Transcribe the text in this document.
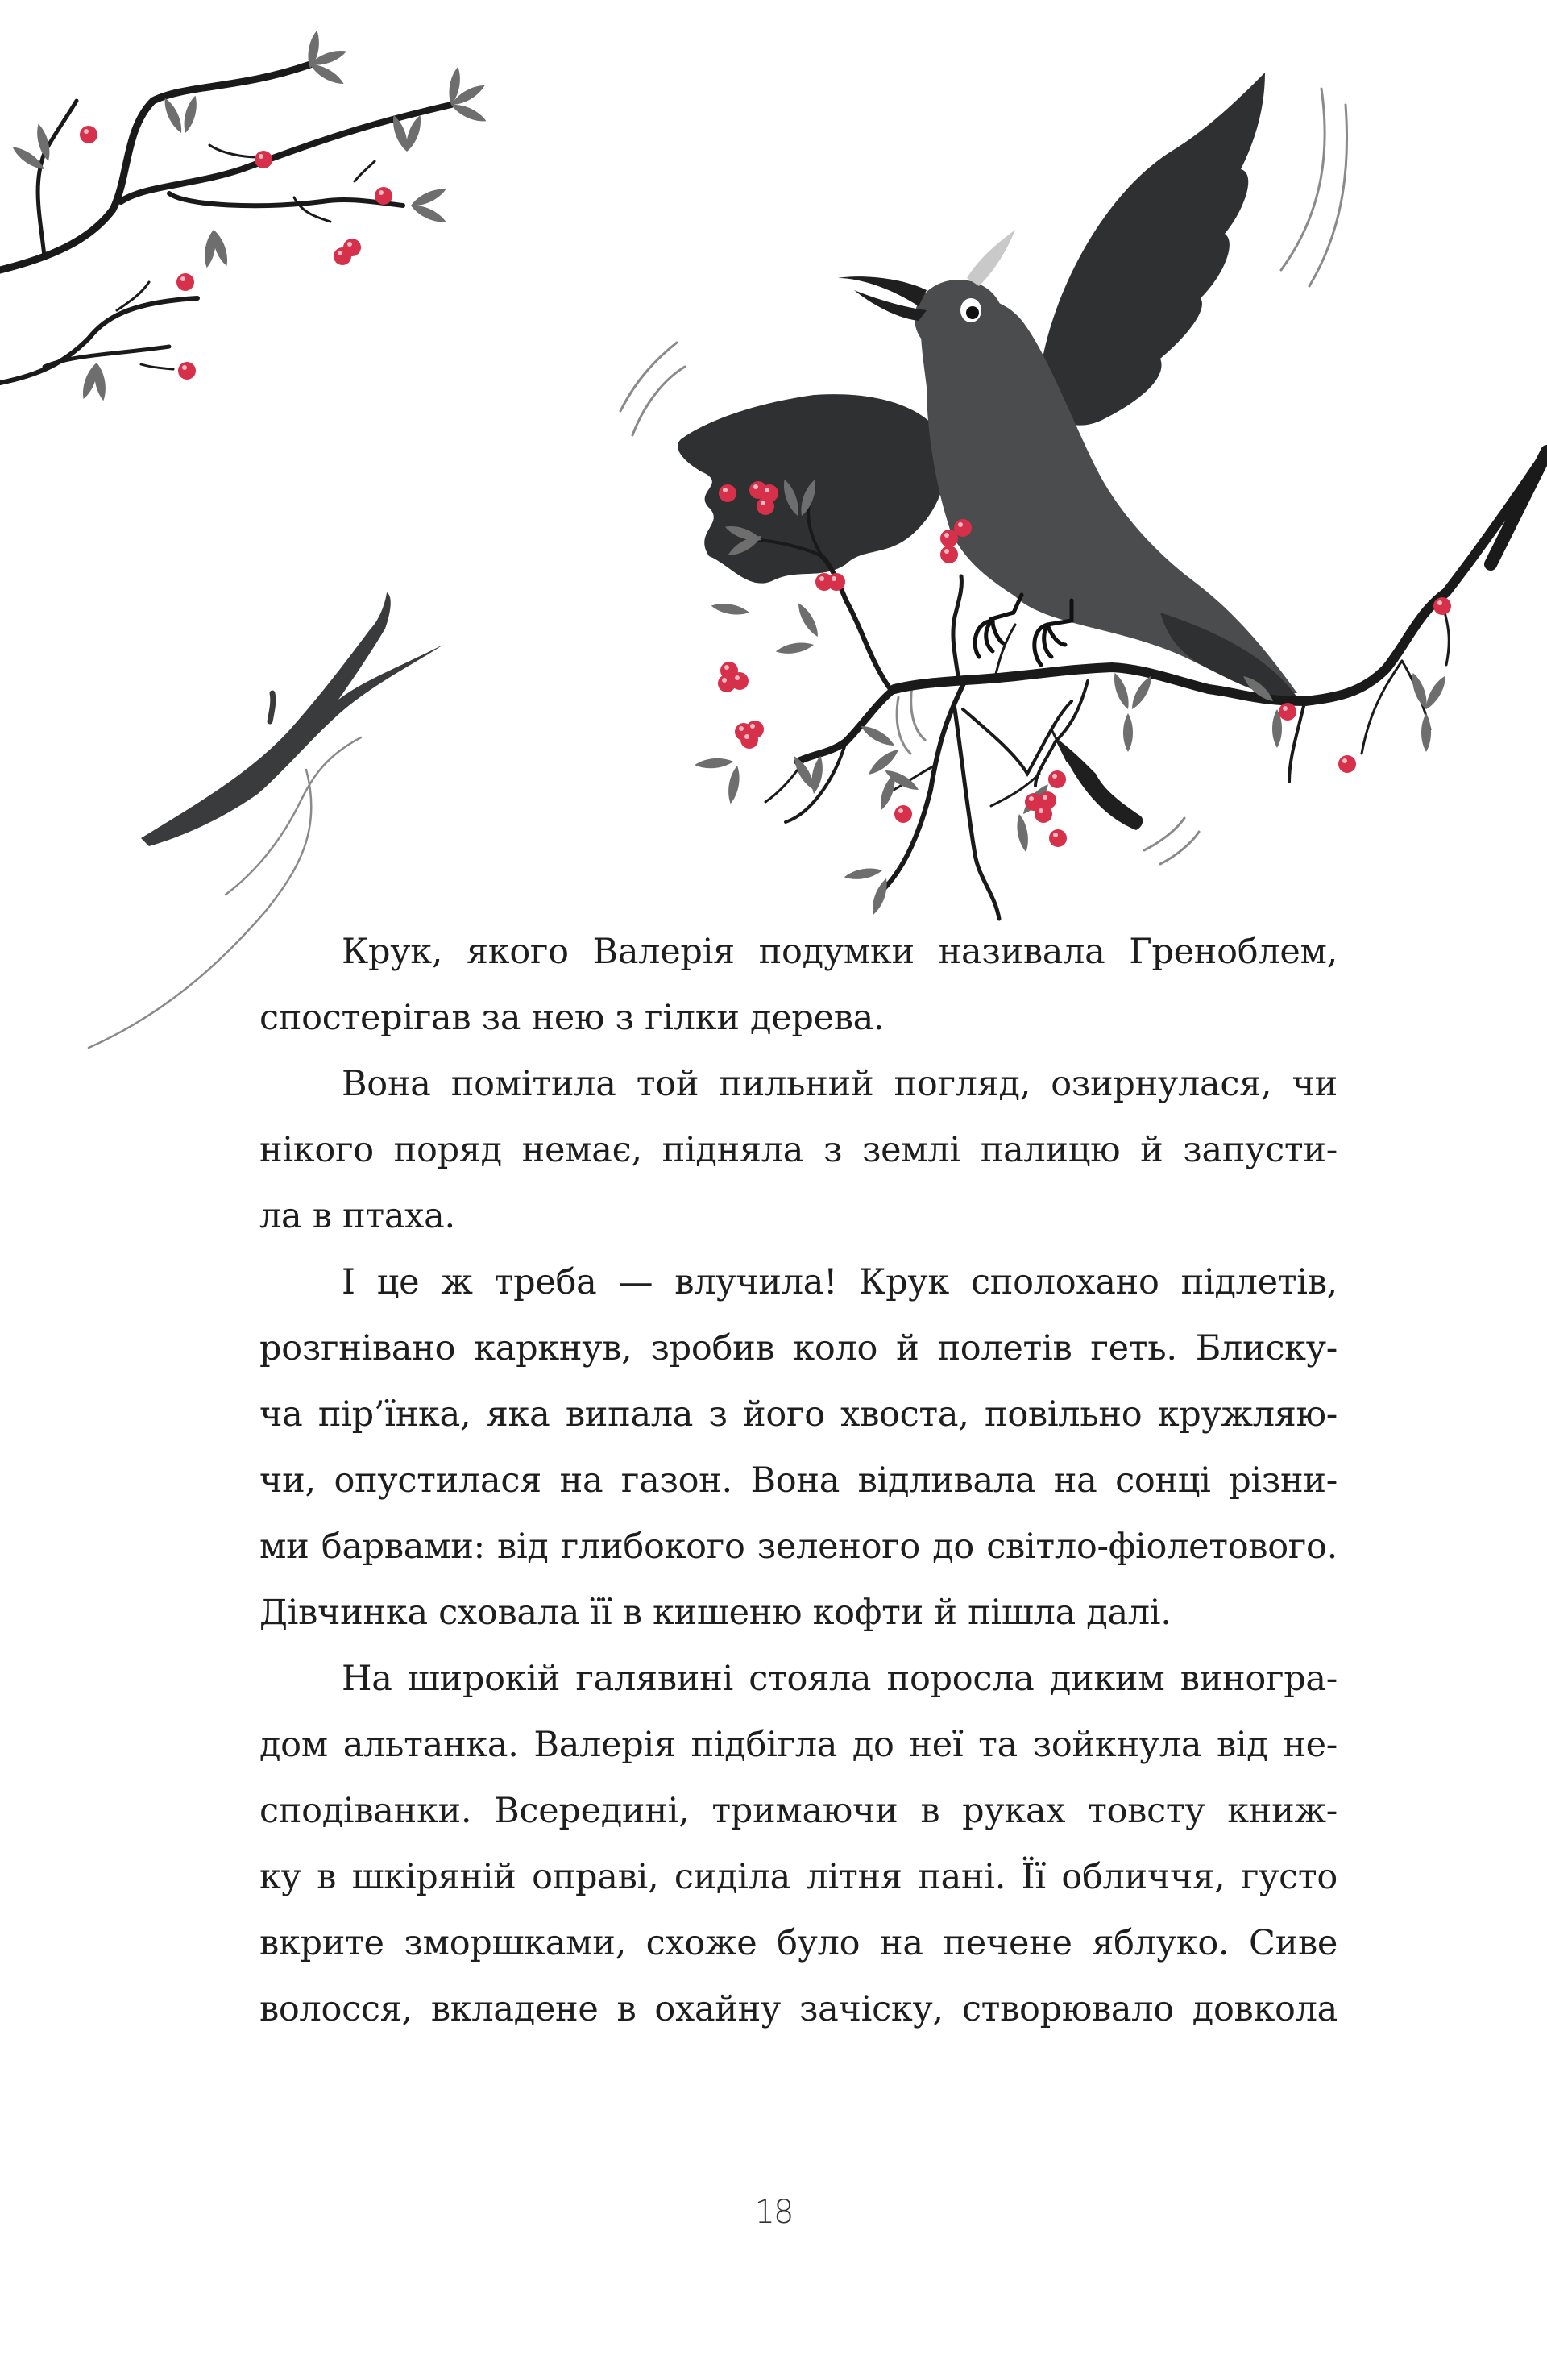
Крук, якого Валерія подумки називала Греноблем,
спостерігав за нею з гілки дерева.
Вона помітила той пильний погляд, озирнулася, чи
нікого поряд немає, підняла з землі палицю й запусти-
ла в птаха.
І це ж треба — влучила! Крук сполохано підлетів,
розгнівано каркнув, зробив коло й полетів геть. Блиску-
ча пір’їнка, яка випала з його хвоста, повільно кружляю-
чи, опустилася на газон. Вона відливала на сонці різни-
ми барвами: від глибокого зеленого до світло-фіолетового.
Дівчинка сховала її в кишеню кофти й пішла далі.
На широкій галявині стояла поросла диким виногра-
дом альтанка. Валерія підбігла до неї та зойкнула від не-
сподіванки. Всередині, тримаючи в руках товсту книж-
ку в шкіряній оправі, сиділа літня пані. Її обличчя, густо
вкрите зморшками, схоже було на печене яблуко. Сиве
волосся, вкладене в охайну зачіску, створювало довкола
18
